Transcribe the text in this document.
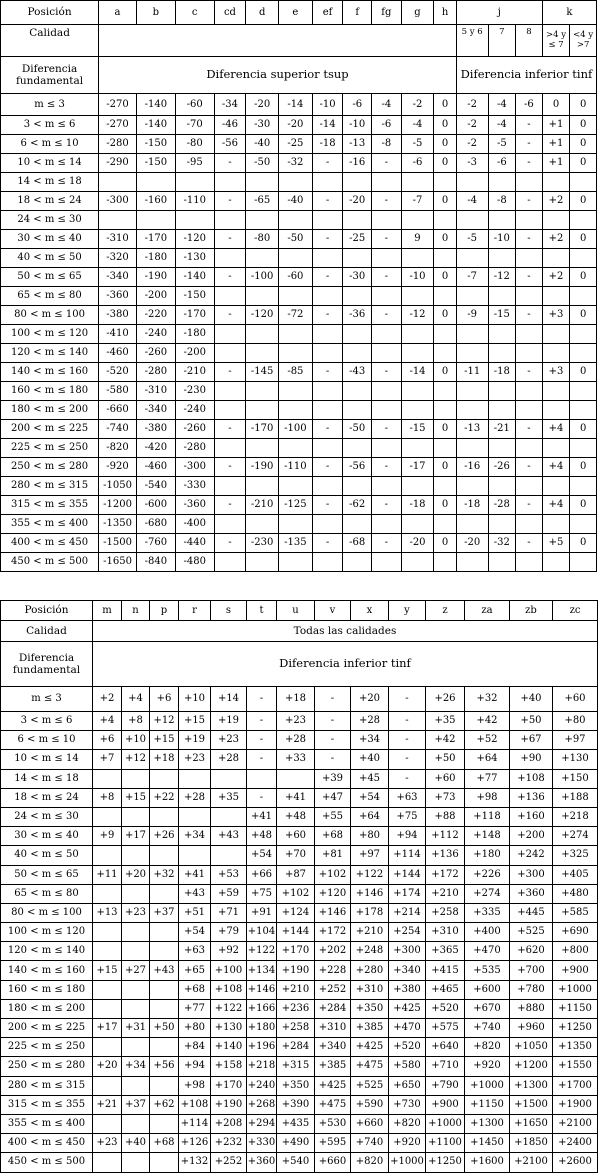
Posición	a	b	c	cd	d	e	ef	f	fg	g	h	j			k	
Calidad												5 y 6	7	8	>4 y ≤ 7	<4 y >7
Diferencia fundamental	Diferencia superior tsup											Diferencia inferior tinf				
m ≤ 3	-270	-140	-60	-34	-20	-14	-10	-6	-4	-2	0	-2	-4	-6	0	0
3 < m ≤ 6	-270	-140	-70	-46	-30	-20	-14	-10	-6	-4	0	-2	-4	-	+1	0
6 < m ≤ 10	-280	-150	-80	-56	-40	-25	-18	-13	-8	-5	0	-2	-5	-	+1	0
10 < m ≤ 14	-290	-150	-95	-	-50	-32	-	-16	-	-6	0	-3	-6	-	+1	0
14 < m ≤ 18																
18 < m ≤ 24	-300	-160	-110	-	-65	-40	-	-20	-	-7	0	-4	-8	-	+2	0
24 < m ≤ 30																
30 < m ≤ 40	-310	-170	-120	-	-80	-50	-	-25	-	9	0	-5	-10	-	+2	0
40 < m ≤ 50	-320	-180	-130													
50 < m ≤ 65	-340	-190	-140	-	-100	-60	-	-30	-	-10	0	-7	-12	-	+2	0
65 < m ≤ 80	-360	-200	-150													
80 < m ≤ 100	-380	-220	-170	-	-120	-72	-	-36	-	-12	0	-9	-15	-	+3	0
100 < m ≤ 120	-410	-240	-180													
120 < m ≤ 140	-460	-260	-200													
140 < m ≤ 160	-520	-280	-210	-	-145	-85	-	-43	-	-14	0	-11	-18	-	+3	0
160 < m ≤ 180	-580	-310	-230													
180 < m ≤ 200	-660	-340	-240													
200 < m ≤ 225	-740	-380	-260	-	-170	-100	-	-50	-	-15	0	-13	-21	-	+4	0
225 < m ≤ 250	-820	-420	-280													
250 < m ≤ 280	-920	-460	-300	-	-190	-110	-	-56	-	-17	0	-16	-26	-	+4	0
280 < m ≤ 315	-1050	-540	-330													
315 < m ≤ 355	-1200	-600	-360	-	-210	-125	-	-62	-	-18	0	-18	-28	-	+4	0
355 < m ≤ 400	-1350	-680	-400													
400 < m ≤ 450	-1500	-760	-440	-	-230	-135	-	-68	-	-20	0	-20	-32	-	+5	0
450 < m ≤ 500	-1650	-840	-480													
Posición	m	n	p	r	s	t	u	v	x	y	z	za	zb	zc
Calidad	Todas las calidades													
Diferencia fundamental	Diferencia inferior tinf													
m ≤ 3	+2	+4	+6	+10	+14	-	+18	-	+20	-	+26	+32	+40	+60
3 < m ≤ 6	+4	+8	+12	+15	+19	-	+23	-	+28	-	+35	+42	+50	+80
6 < m ≤ 10	+6	+10	+15	+19	+23	-	+28	-	+34	-	+42	+52	+67	+97
10 < m ≤ 14	+7	+12	+18	+23	+28	-	+33	-	+40	-	+50	+64	+90	+130
14 < m ≤ 18								+39	+45	-	+60	+77	+108	+150
18 < m ≤ 24	+8	+15	+22	+28	+35	-	+41	+47	+54	+63	+73	+98	+136	+188
24 < m ≤ 30						+41	+48	+55	+64	+75	+88	+118	+160	+218
30 < m ≤ 40	+9	+17	+26	+34	+43	+48	+60	+68	+80	+94	+112	+148	+200	+274
40 < m ≤ 50						+54	+70	+81	+97	+114	+136	+180	+242	+325
50 < m ≤ 65	+11	+20	+32	+41	+53	+66	+87	+102	+122	+144	+172	+226	+300	+405
65 < m ≤ 80				+43	+59	+75	+102	+120	+146	+174	+210	+274	+360	+480
80 < m ≤ 100	+13	+23	+37	+51	+71	+91	+124	+146	+178	+214	+258	+335	+445	+585
100 < m ≤ 120				+54	+79	+104	+144	+172	+210	+254	+310	+400	+525	+690
120 < m ≤ 140				+63	+92	+122	+170	+202	+248	+300	+365	+470	+620	+800
140 < m ≤ 160	+15	+27	+43	+65	+100	+134	+190	+228	+280	+340	+415	+535	+700	+900
160 < m ≤ 180				+68	+108	+146	+210	+252	+310	+380	+465	+600	+780	+1000
180 < m ≤ 200				+77	+122	+166	+236	+284	+350	+425	+520	+670	+880	+1150
200 < m ≤ 225	+17	+31	+50	+80	+130	+180	+258	+310	+385	+470	+575	+740	+960	+1250
225 < m ≤ 250				+84	+140	+196	+284	+340	+425	+520	+640	+820	+1050	+1350
250 < m ≤ 280	+20	+34	+56	+94	+158	+218	+315	+385	+475	+580	+710	+920	+1200	+1550
280 < m ≤ 315				+98	+170	+240	+350	+425	+525	+650	+790	+1000	+1300	+1700
315 < m ≤ 355	+21	+37	+62	+108	+190	+268	+390	+475	+590	+730	+900	+1150	+1500	+1900
355 < m ≤ 400				+114	+208	+294	+435	+530	+660	+820	+1000	+1300	+1650	+2100
400 < m ≤ 450	+23	+40	+68	+126	+232	+330	+490	+595	+740	+920	+1100	+1450	+1850	+2400
450 < m ≤ 500				+132	+252	+360	+540	+660	+820	+1000	+1250	+1600	+2100	+2600
